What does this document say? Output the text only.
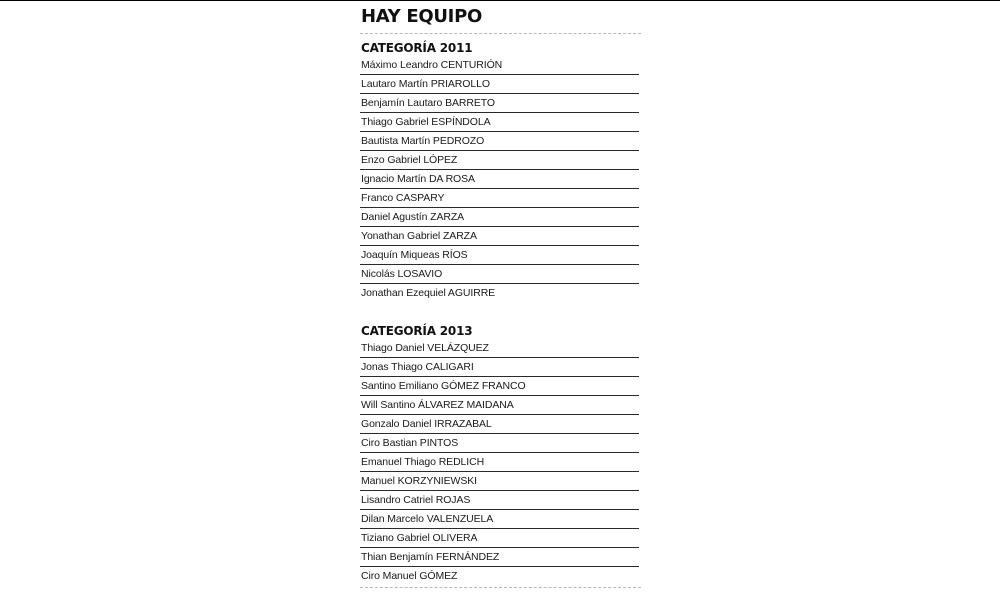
HAY EQUIPO
CATEGORÍA 2011
Máximo Leandro CENTURIÓN
Lautaro Martín PRIAROLLO
Benjamín Lautaro BARRETO
Thiago Gabriel ESPÍNDOLA
Bautista Martín PEDROZO
Enzo Gabriel LÓPEZ
Ignacio Martín DA ROSA
Franco CASPARY
Daniel Agustín ZARZA
Yonathan Gabriel ZARZA
Joaquín Miqueas RÍOS
Nicolás LOSAVIO
Jonathan Ezequiel AGUIRRE
CATEGORÍA 2013
Thiago Daniel VELÁZQUEZ
Jonas Thiago CALIGARI
Santino Emiliano GÓMEZ FRANCO
Will Santino ÁLVAREZ MAIDANA
Gonzalo Daniel IRRAZABAL
Ciro Bastian PINTOS
Emanuel Thiago REDLICH
Manuel KORZYNIEWSKI
Lisandro Catriel ROJAS
Dilan Marcelo VALENZUELA
Tiziano Gabriel OLIVERA
Thian Benjamín FERNÁNDEZ
Ciro Manuel GÓMEZ
